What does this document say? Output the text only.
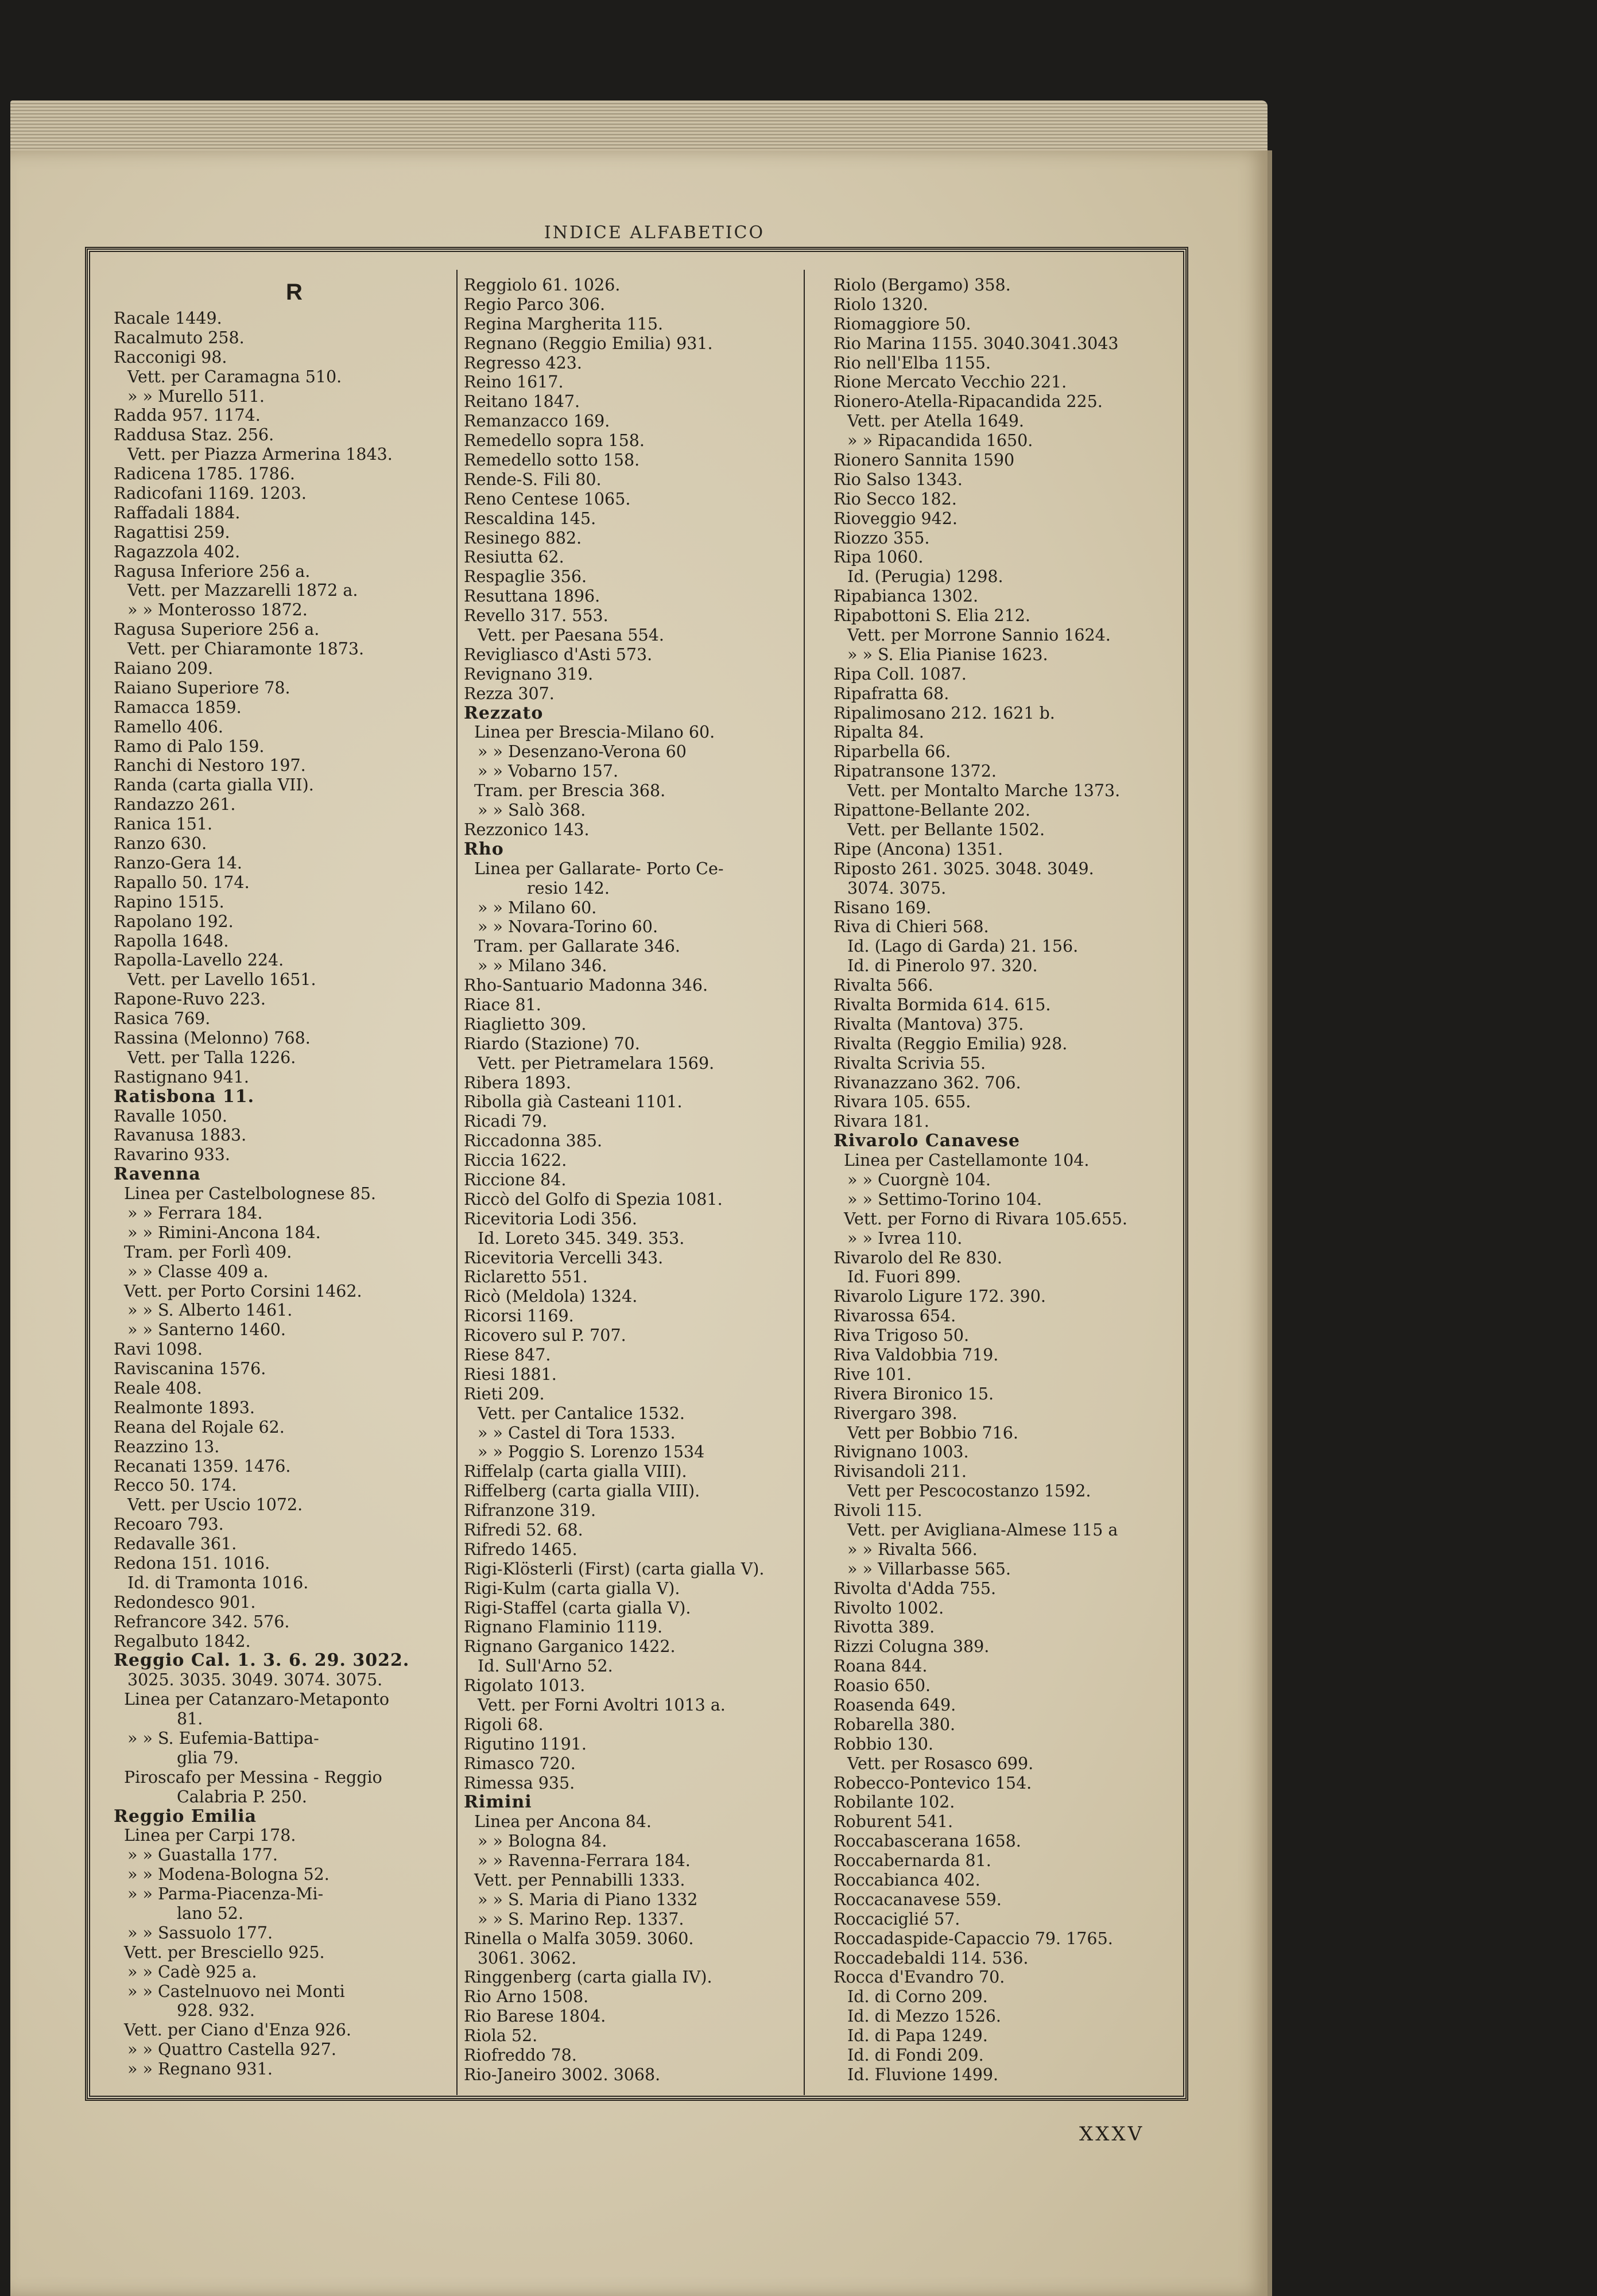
INDICE ALFABETICO
R
Racale 1449.
Racalmuto 258.
Racconigi 98.
Vett. per Caramagna 510.
» » Murello 511.
Radda 957. 1174.
Raddusa Staz. 256.
Vett. per Piazza Armerina 1843.
Radicena 1785. 1786.
Radicofani 1169. 1203.
Raffadali 1884.
Ragattisi 259.
Ragazzola 402.
Ragusa Inferiore 256 a.
Vett. per Mazzarelli 1872 a.
» » Monterosso 1872.
Ragusa Superiore 256 a.
Vett. per Chiaramonte 1873.
Raiano 209.
Raiano Superiore 78.
Ramacca 1859.
Ramello 406.
Ramo di Palo 159.
Ranchi di Nestoro 197.
Randa (carta gialla VII).
Randazzo 261.
Ranica 151.
Ranzo 630.
Ranzo-Gera 14.
Rapallo 50. 174.
Rapino 1515.
Rapolano 192.
Rapolla 1648.
Rapolla-Lavello 224.
Vett. per Lavello 1651.
Rapone-Ruvo 223.
Rasica 769.
Rassina (Melonno) 768.
Vett. per Talla 1226.
Rastignano 941.
Ratisbona 11.
Ravalle 1050.
Ravanusa 1883.
Ravarino 933.
Ravenna
Linea per Castelbolognese 85.
» » Ferrara 184.
» » Rimini-Ancona 184.
Tram. per Forlì 409.
» » Classe 409 a.
Vett. per Porto Corsini 1462.
» » S. Alberto 1461.
» » Santerno 1460.
Ravi 1098.
Raviscanina 1576.
Reale 408.
Realmonte 1893.
Reana del Rojale 62.
Reazzino 13.
Recanati 1359. 1476.
Recco 50. 174.
Vett. per Uscio 1072.
Recoaro 793.
Redavalle 361.
Redona 151. 1016.
Id. di Tramonta 1016.
Redondesco 901.
Refrancore 342. 576.
Regalbuto 1842.
Reggio Cal. 1. 3. 6. 29. 3022.
3025. 3035. 3049. 3074. 3075.
Linea per Catanzaro-Metaponto
81.
» » S. Eufemia-Battipa-
glia 79.
Piroscafo per Messina - Reggio
Calabria P. 250.
Reggio Emilia
Linea per Carpi 178.
» » Guastalla 177.
» » Modena-Bologna 52.
» » Parma-Piacenza-Mi-
lano 52.
» » Sassuolo 177.
Vett. per Bresciello 925.
» » Cadè 925 a.
» » Castelnuovo nei Monti
928. 932.
Vett. per Ciano d'Enza 926.
» » Quattro Castella 927.
» » Regnano 931.
Reggiolo 61. 1026.
Regio Parco 306.
Regina Margherita 115.
Regnano (Reggio Emilia) 931.
Regresso 423.
Reino 1617.
Reitano 1847.
Remanzacco 169.
Remedello sopra 158.
Remedello sotto 158.
Rende-S. Fili 80.
Reno Centese 1065.
Rescaldina 145.
Resinego 882.
Resiutta 62.
Respaglie 356.
Resuttana 1896.
Revello 317. 553.
Vett. per Paesana 554.
Revigliasco d'Asti 573.
Revignano 319.
Rezza 307.
Rezzato
Linea per Brescia-Milano 60.
» » Desenzano-Verona 60
» » Vobarno 157.
Tram. per Brescia 368.
» » Salò 368.
Rezzonico 143.
Rho
Linea per Gallarate- Porto Ce-
resio 142.
» » Milano 60.
» » Novara-Torino 60.
Tram. per Gallarate 346.
» » Milano 346.
Rho-Santuario Madonna 346.
Riace 81.
Riaglietto 309.
Riardo (Stazione) 70.
Vett. per Pietramelara 1569.
Ribera 1893.
Ribolla già Casteani 1101.
Ricadi 79.
Riccadonna 385.
Riccia 1622.
Riccione 84.
Riccò del Golfo di Spezia 1081.
Ricevitoria Lodi 356.
Id. Loreto 345. 349. 353.
Ricevitoria Vercelli 343.
Riclaretto 551.
Ricò (Meldola) 1324.
Ricorsi 1169.
Ricovero sul P. 707.
Riese 847.
Riesi 1881.
Rieti 209.
Vett. per Cantalice 1532.
» » Castel di Tora 1533.
» » Poggio S. Lorenzo 1534
Riffelalp (carta gialla VIII).
Riffelberg (carta gialla VIII).
Rifranzone 319.
Rifredi 52. 68.
Rifredo 1465.
Rigi-Klösterli (First) (carta gialla V).
Rigi-Kulm (carta gialla V).
Rigi-Staffel (carta gialla V).
Rignano Flaminio 1119.
Rignano Garganico 1422.
Id. Sull'Arno 52.
Rigolato 1013.
Vett. per Forni Avoltri 1013 a.
Rigoli 68.
Rigutino 1191.
Rimasco 720.
Rimessa 935.
Rimini
Linea per Ancona 84.
» » Bologna 84.
» » Ravenna-Ferrara 184.
Vett. per Pennabilli 1333.
» » S. Maria di Piano 1332
» » S. Marino Rep. 1337.
Rinella o Malfa 3059. 3060.
3061. 3062.
Ringgenberg (carta gialla IV).
Rio Arno 1508.
Rio Barese 1804.
Riola 52.
Riofreddo 78.
Rio-Janeiro 3002. 3068.
Riolo (Bergamo) 358.
Riolo 1320.
Riomaggiore 50.
Rio Marina 1155. 3040.3041.3043
Rio nell'Elba 1155.
Rione Mercato Vecchio 221.
Rionero-Atella-Ripacandida 225.
Vett. per Atella 1649.
» » Ripacandida 1650.
Rionero Sannita 1590
Rio Salso 1343.
Rio Secco 182.
Rioveggio 942.
Riozzo 355.
Ripa 1060.
Id. (Perugia) 1298.
Ripabianca 1302.
Ripabottoni S. Elia 212.
Vett. per Morrone Sannio 1624.
» » S. Elia Pianise 1623.
Ripa Coll. 1087.
Ripafratta 68.
Ripalimosano 212. 1621 b.
Ripalta 84.
Riparbella 66.
Ripatransone 1372.
Vett. per Montalto Marche 1373.
Ripattone-Bellante 202.
Vett. per Bellante 1502.
Ripe (Ancona) 1351.
Riposto 261. 3025. 3048. 3049.
3074. 3075.
Risano 169.
Riva di Chieri 568.
Id. (Lago di Garda) 21. 156.
Id. di Pinerolo 97. 320.
Rivalta 566.
Rivalta Bormida 614. 615.
Rivalta (Mantova) 375.
Rivalta (Reggio Emilia) 928.
Rivalta Scrivia 55.
Rivanazzano 362. 706.
Rivara 105. 655.
Rivara 181.
Rivarolo Canavese
Linea per Castellamonte 104.
» » Cuorgnè 104.
» » Settimo-Torino 104.
Vett. per Forno di Rivara 105.655.
» » Ivrea 110.
Rivarolo del Re 830.
Id. Fuori 899.
Rivarolo Ligure 172. 390.
Rivarossa 654.
Riva Trigoso 50.
Riva Valdobbia 719.
Rive 101.
Rivera Bironico 15.
Rivergaro 398.
Vett per Bobbio 716.
Rivignano 1003.
Rivisandoli 211.
Vett per Pescocostanzo 1592.
Rivoli 115.
Vett. per Avigliana-Almese 115 a
» » Rivalta 566.
» » Villarbasse 565.
Rivolta d'Adda 755.
Rivolto 1002.
Rivotta 389.
Rizzi Colugna 389.
Roana 844.
Roasio 650.
Roasenda 649.
Robarella 380.
Robbio 130.
Vett. per Rosasco 699.
Robecco-Pontevico 154.
Robilante 102.
Roburent 541.
Roccabascerana 1658.
Roccabernarda 81.
Roccabianca 402.
Roccacanavese 559.
Roccaciglié 57.
Roccadaspide-Capaccio 79. 1765.
Roccadebaldi 114. 536.
Rocca d'Evandro 70.
Id. di Corno 209.
Id. di Mezzo 1526.
Id. di Papa 1249.
Id. di Fondi 209.
Id. Fluvione 1499.
XXXV
